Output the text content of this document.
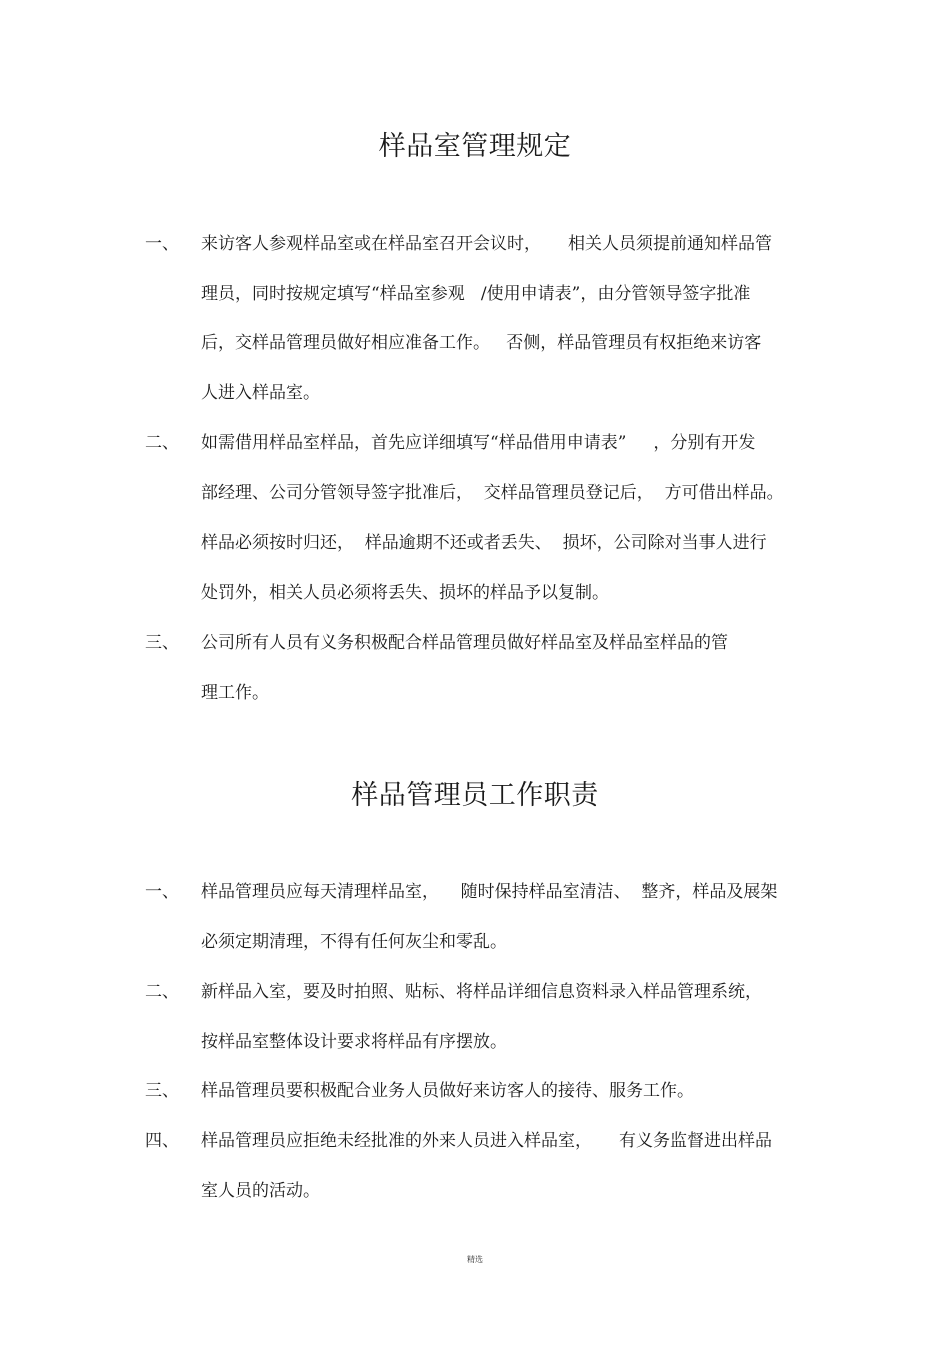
样品室管理规定
一、 来访客人参观样品室或在样品室召开会议时，     相关人员须提前通知样品管
理员，同时按规定填写“样品室参观   /使用申请表”，由分管领导签字批准
后，交样品管理员做好相应准备工作。   否侧，样品管理员有权拒绝来访客
人进入样品室。
二、 如需借用样品室样品，首先应详细填写“样品借用申请表”     ，分别有开发
部经理、公司分管领导签字批准后，  交样品管理员登记后，  方可借出样品。
样品必须按时归还，  样品逾期不还或者丢失、  损坏，公司除对当事人进行
处罚外，相关人员必须将丢失、损坏的样品予以复制。
三、 公司所有人员有义务积极配合样品管理员做好样品室及样品室样品的管
理工作。
样品管理员工作职责
一、 样品管理员应每天清理样品室，    随时保持样品室清洁、  整齐，样品及展架
必须定期清理，不得有任何灰尘和零乱。
二、 新样品入室，要及时拍照、贴标、将样品详细信息资料录入样品管理系统，
按样品室整体设计要求将样品有序摆放。
三、 样品管理员要积极配合业务人员做好来访客人的接待、服务工作。
四、 样品管理员应拒绝未经批准的外来人员进入样品室，     有义务监督进出样品
室人员的活动。
精选
